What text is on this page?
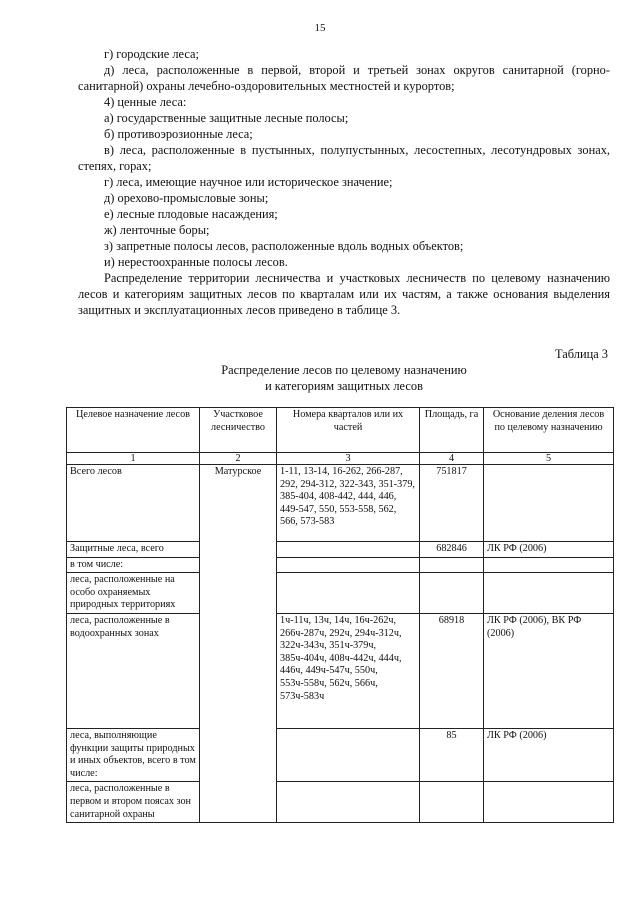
15

г) городские леса;

д) леса, расположенные в первой, второй и третьей зонах округов санитарной (горно-санитарной) охраны лечебно-оздоровительных местностей и курортов;

4) ценные леса:

а) государственные защитные лесные полосы;

б) противоэрозионные леса;

в) леса, расположенные в пустынных, полупустынных, лесостепных, лесотундровых зонах, степях, горах;

г) леса, имеющие научное или историческое значение;

д) орехово-промысловые зоны;

е) лесные плодовые насаждения;

ж) ленточные боры;

з) запретные полосы лесов, расположенные вдоль водных объектов;

и) нерестоохранные полосы лесов.

Распределение территории лесничества и участковых лесничеств по целевому назначению лесов и категориям защитных лесов по кварталам или их частям, а также основания выделения защитных и эксплуатационных лесов приведено в таблице 3.

Таблица 3
Распределение лесов по целевому назначению
и категориям защитных лесов
Целевое назначение лесов	Участковое лесничество	Номера кварталов или их частей	Площадь, га	Основание деления лесов по целевому назначению
1	2	3	4	5
Всего лесов	Матурское	1-11, 13-14, 16-262, 266-287, 292, 294-312, 322-343, 351-379, 385-404, 408-442, 444, 446, 449-547, 550, 553-558, 562, 566, 573-583	751817	
Защитные леса, всего			682846	ЛК РФ (2006)
в том числе:				
леса, расположенные на особо охраняемых природных территориях				
леса, расположенные в водоохранных зонах		1ч-11ч, 13ч, 14ч, 16ч-262ч, 266ч-287ч, 292ч, 294ч-312ч, 322ч-343ч, 351ч-379ч, 385ч-404ч, 408ч-442ч, 444ч, 446ч, 449ч-547ч, 550ч, 553ч-558ч, 562ч, 566ч, 573ч-583ч	68918	ЛК РФ (2006), ВК РФ (2006)
леса, выполняющие функции защиты природных и иных объектов, всего в том числе:			85	ЛК РФ (2006)
леса, расположенные в первом и втором поясах зон санитарной охраны				
